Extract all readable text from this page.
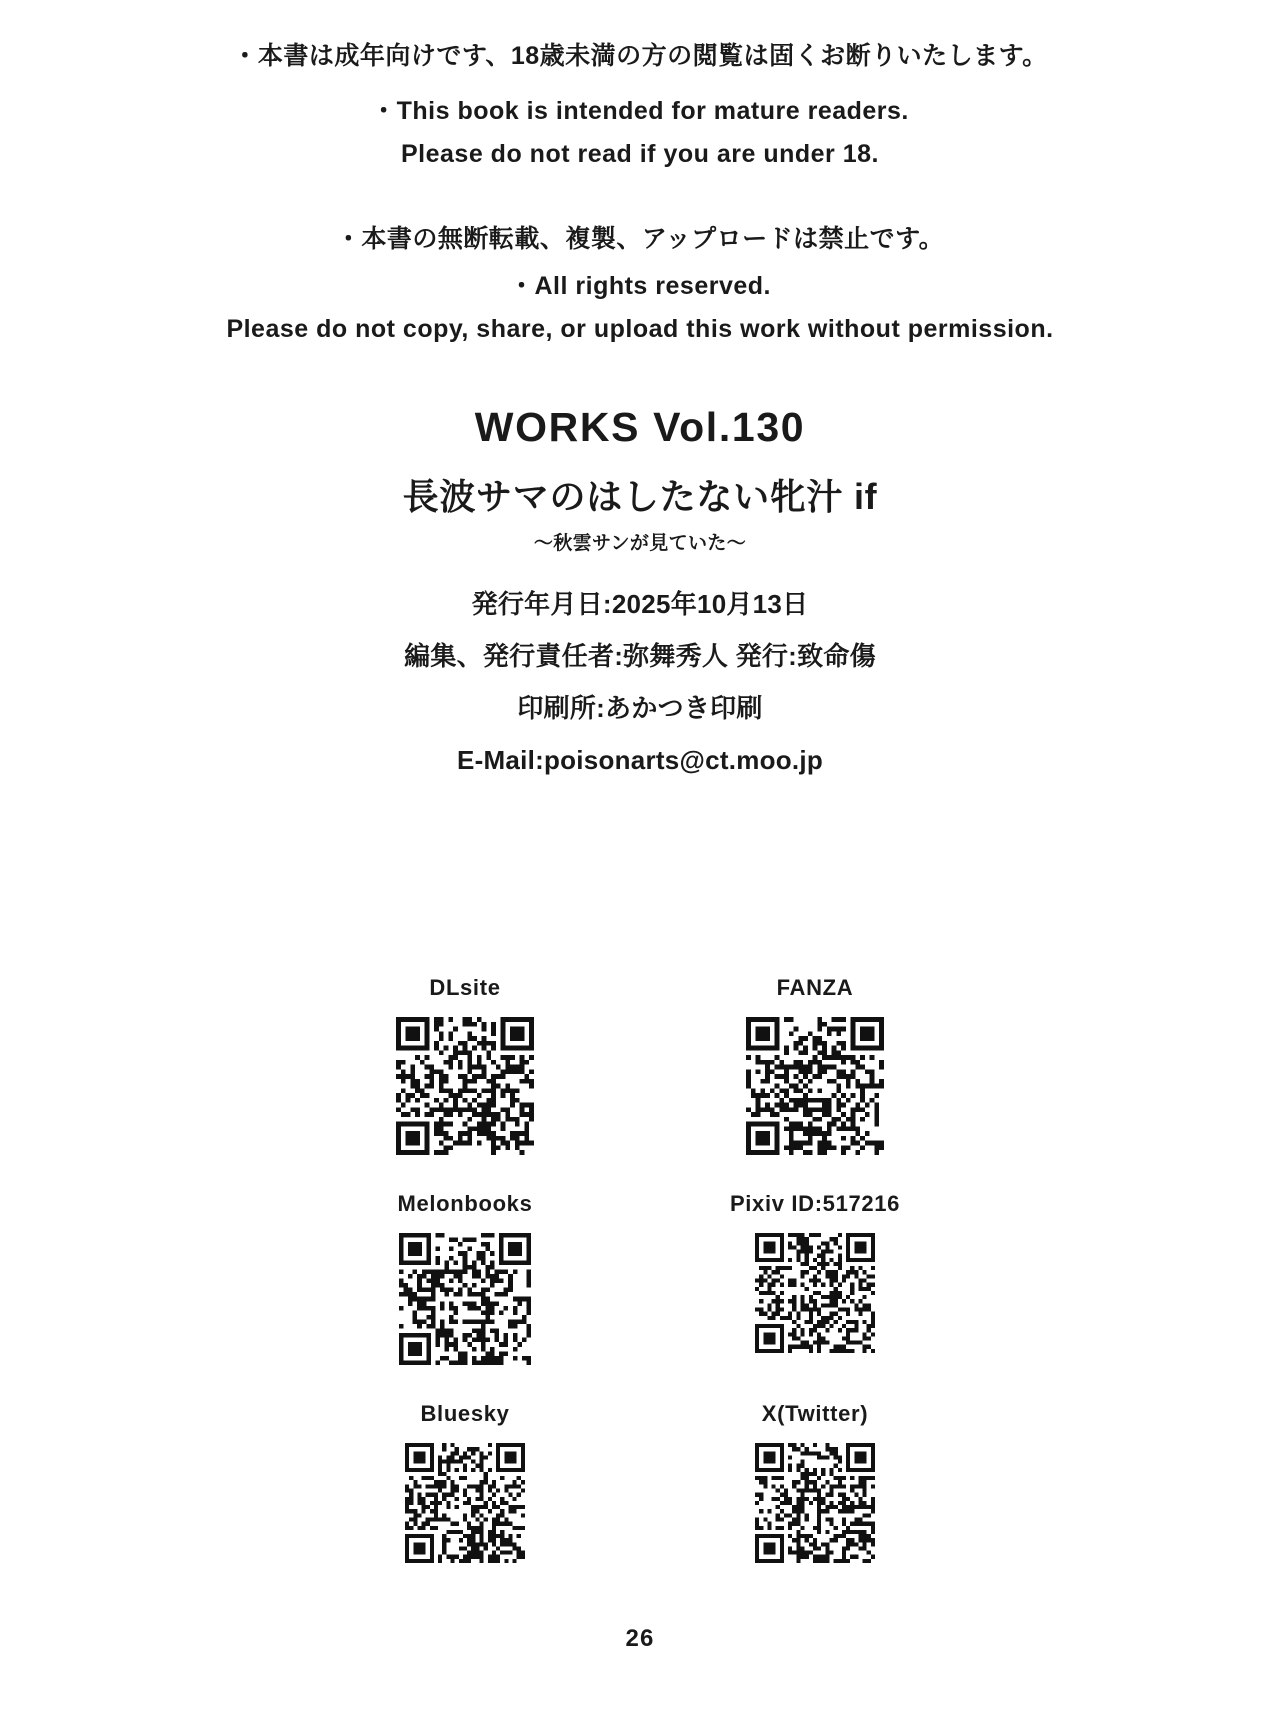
・本書は成年向けです、18歳未満の方の閲覧は固くお断りいたします。
・This book is intended for mature readers.
Please do not read if you are under 18.
・本書の無断転載、複製、アップロードは禁止です。
・All rights reserved.
Please do not copy, share, or upload this work without permission.
WORKS Vol.130
長波サマのはしたない牝汁 if
～秋雲サンが見ていた～
発行年月日:2025年10月13日
編集、発行責任者:弥舞秀人 発行:致命傷
印刷所:あかつき印刷
E-Mail:poisonarts@ct.moo.jp
DLsite	FANZA
Melonbooks	Pixiv ID:517216
Bluesky	X(Twitter)
26
